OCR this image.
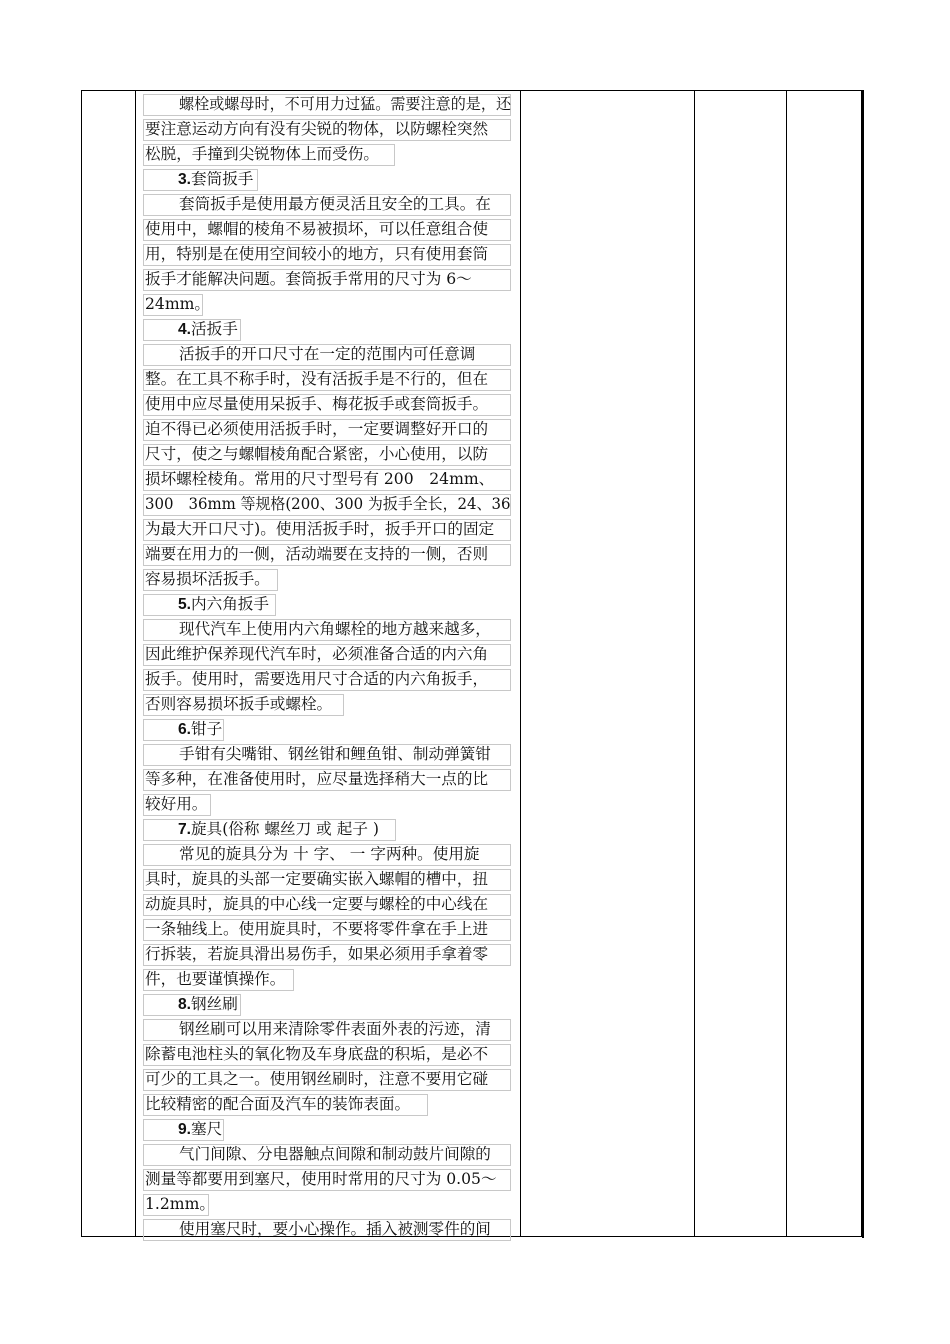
螺栓或螺母时，不可用力过猛。需要注意的是，还
要注意运动方向有没有尖锐的物体，以防螺栓突然
松脱，手撞到尖锐物体上而受伤。
3.套筒扳手
套筒扳手是使用最方便灵活且安全的工具。在
使用中，螺帽的棱角不易被损坏，可以任意组合使
用，特别是在使用空间较小的地方，只有使用套筒
扳手才能解决问题。套筒扳手常用的尺寸为 6～
24mm。
4.活扳手
活扳手的开口尺寸在一定的范围内可任意调
整。在工具不称手时，没有活扳手是不行的，但在
使用中应尽量使用呆扳手、梅花扳手或套筒扳手。
迫不得已必须使用活扳手时，一定要调整好开口的
尺寸，使之与螺帽棱角配合紧密，小心使用，以防
损坏螺栓棱角。常用的尺寸型号有 200　24mm、
300　36mm 等规格(200、300 为扳手全长，24、36
为最大开口尺寸)。使用活扳手时，扳手开口的固定
端要在用力的一侧，活动端要在支持的一侧，否则
容易损坏活扳手。
5.内六角扳手
现代汽车上使用内六角螺栓的地方越来越多，
因此维护保养现代汽车时，必须准备合适的内六角
扳手。使用时，需要选用尺寸合适的内六角扳手，
否则容易损坏扳手或螺栓。
6.钳子
手钳有尖嘴钳、钢丝钳和鲤鱼钳、制动弹簧钳
等多种，在准备使用时，应尽量选择稍大一点的比
较好用。
7.旋具(俗称 螺丝刀 或 起子 )
常见的旋具分为 十 字、 一 字两种。使用旋
具时，旋具的头部一定要确实嵌入螺帽的槽中，扭
动旋具时，旋具的中心线一定要与螺栓的中心线在
一条轴线上。使用旋具时，不要将零件拿在手上进
行拆装，若旋具滑出易伤手，如果必须用手拿着零
件，也要谨慎操作。
8.钢丝刷
钢丝刷可以用来清除零件表面外表的污迹，清
除蓄电池柱头的氧化物及车身底盘的积垢，是必不
可少的工具之一。使用钢丝刷时，注意不要用它碰
比较精密的配合面及汽车的装饰表面。
9.塞尺
气门间隙、分电器触点间隙和制动鼓片间隙的
测量等都要用到塞尺，使用时常用的尺寸为 0.05～
1.2mm。
使用塞尺时，要小心操作。插入被测零件的间
